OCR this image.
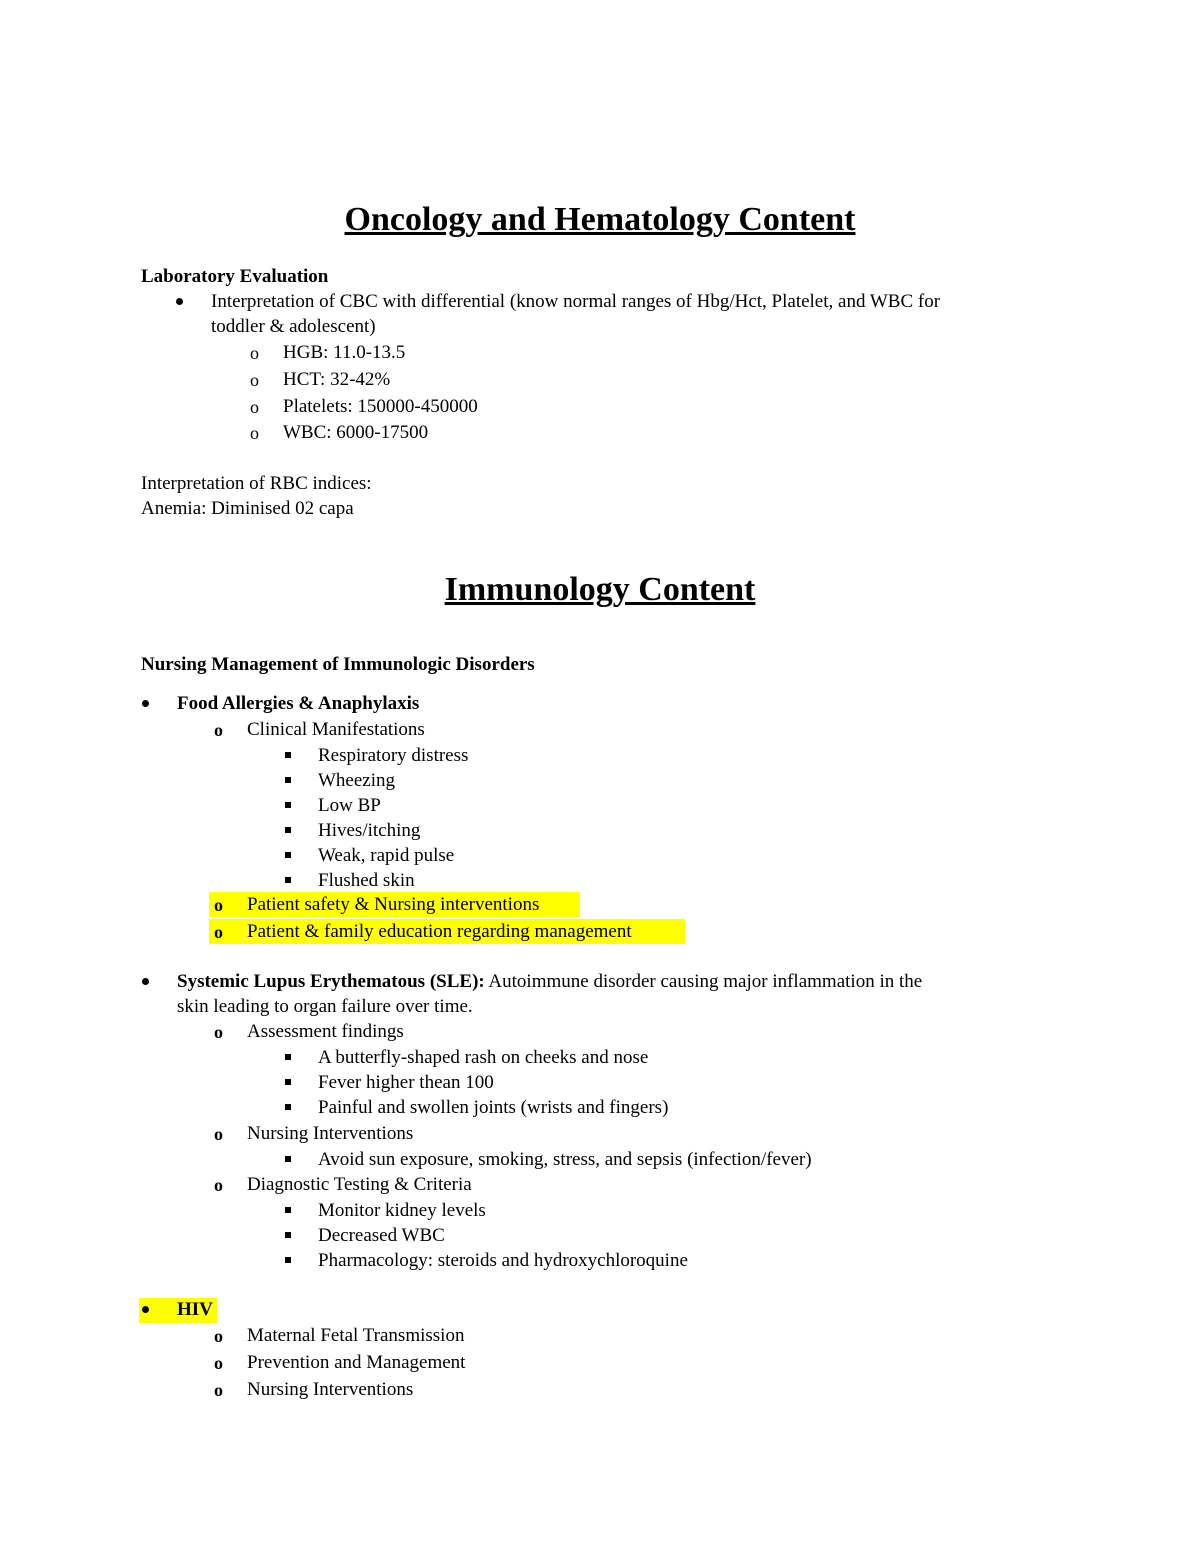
Oncology and Hematology Content
Laboratory Evaluation
Interpretation of CBC with differential (know normal ranges of Hbg/Hct, Platelet, and WBC for
toddler & adolescent)
o HGB: 11.0-13.5
o HCT: 32-42%
o Platelets: 150000-450000
o WBC: 6000-17500
Interpretation of RBC indices:
Anemia: Diminised 02 capa
Immunology Content
Nursing Management of Immunologic Disorders
Food Allergies & Anaphylaxis
o Clinical Manifestations
Respiratory distress
Wheezing
Low BP
Hives/itching
Weak, rapid pulse
Flushed skin
o Patient safety & Nursing interventions
o Patient & family education regarding management
Systemic Lupus Erythematous (SLE): Autoimmune disorder causing major inflammation in the
skin leading to organ failure over time.
o Assessment findings
A butterfly-shaped rash on cheeks and nose
Fever higher thean 100
Painful and swollen joints (wrists and fingers)
o Nursing Interventions
Avoid sun exposure, smoking, stress, and sepsis (infection/fever)
o Diagnostic Testing & Criteria
Monitor kidney levels
Decreased WBC
Pharmacology: steroids and hydroxychloroquine
HIV
o Maternal Fetal Transmission
o Prevention and Management
o Nursing Interventions
